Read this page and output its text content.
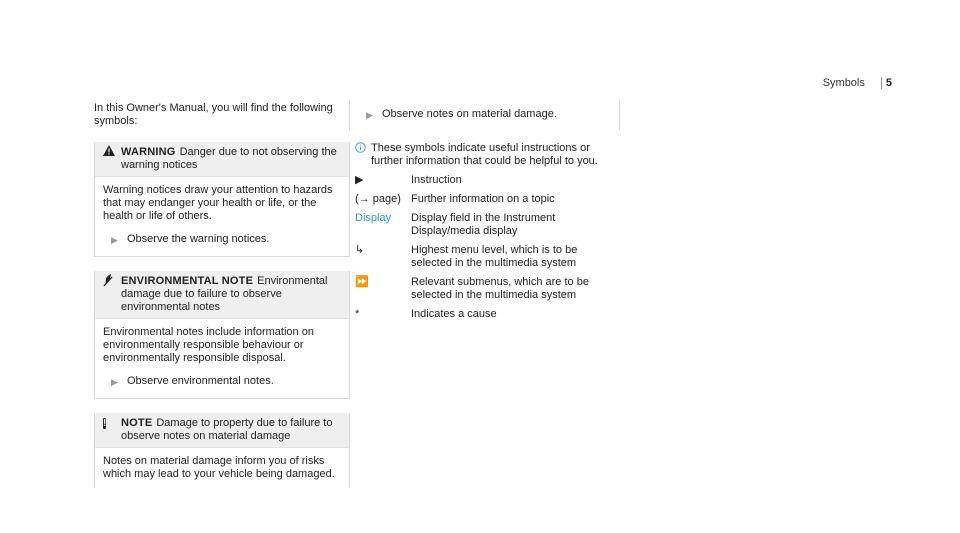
Symbols	5

In this Owner's Manual, you will find the following symbols:

WARNING Danger due to not observing the warning notices
Warning notices draw your attention to hazards that may endanger your health or life, or the health or life of others.
▶ Observe the warning notices.
ENVIRONMENTAL NOTE Environmental damage due to failure to observe environmental notes
Environmental notes include information on environmentally responsible behaviour or environmentally responsible disposal.
▶ Observe environmental notes.
!	NOTE Damage to property due to failure to observe notes on material damage
Notes on material damage inform you of risks which may lead to your vehicle being damaged.
▶ Observe notes on material damage.
These symbols indicate useful instructions or further information that could be helpful to you.
▶	Instruction
(→ page) Further information on a topic
Display	Display field in the Instrument Display/media display
↳	Highest menu level, which is to be selected in the multimedia system
⏩	Relevant submenus, which are to be selected in the multimedia system
*	Indicates a cause
